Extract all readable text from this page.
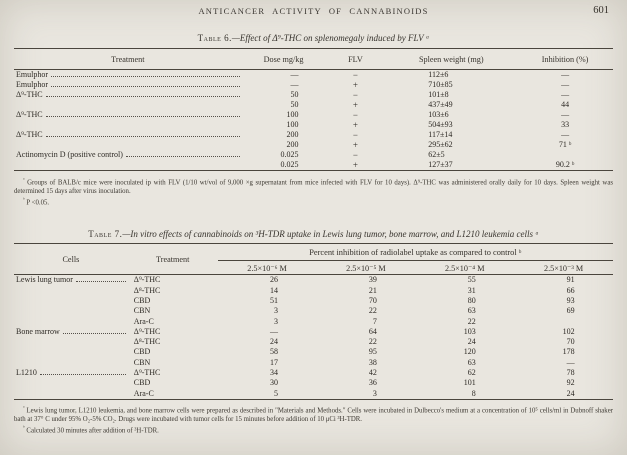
ANTICANCER ACTIVITY OF CANNABINOIDS	601
Table 6.—Effect of Δ⁹-THC on splenomegaly induced by FLV ᵃ
Treatment	Dose mg/kg	FLV	Spleen weight (mg)	Inhibition (%)

Emulphor	—	−	112±6	—

Emulphor	—	+	710±85	—

Δ⁹-THC	50	−	101±8	—
	50	+	437±49	44

Δ⁹-THC	100	−	103±6	—
	100	+	504±93	33

Δ⁹-THC	200	−	117±14	—
	200	+	295±62	71 ᵇ

Actinomycin D (positive control)	0.025	−	62±5	
	0.025	+	127±37	90.2 ᵇ

$^ᵃ$ Groups of BALB/c mice were inoculated ip with FLV (1/10 wt/vol of 9,000 ×g supernatant from mice infected with FLV for 10 days). Δ⁹-THC was administered orally daily for 10 days. Spleen weight was determined 15 days after virus inoculation.

$^ᵇ$ P <0.05.

Table 7.—In vitro effects of cannabinoids on ³H-TDR uptake in Lewis lung tumor, bone marrow, and L1210 leukemia cells ᵃ
Cells	Treatment	Percent inhibition of radiolabel uptake as compared to control ᵇ			
		2.5×10⁻⁶ M	2.5×10⁻⁵ M	2.5×10⁻⁴ M	2.5×10⁻³ M

Lewis lung tumor	Δ⁹-THC	26	39	55	91
	Δ⁸-THC	14	21	31	66
	CBD	51	70	80	93
	CBN	3	22	63	69
	Ara-C	3	7	22	

Bone marrow	Δ⁹-THC	—	64	103	102
	Δ⁸-THC	24	22	24	70
	CBD	58	95	120	178
	CBN	17	38	63	—

L1210	Δ⁹-THC	34	42	62	78
	CBD	30	36	101	92
	Ara-C	5	3	8	24

$^ᵃ$ Lewis lung tumor, L1210 leukemia, and bone marrow cells were prepared as described in "Materials and Methods." Cells were incubated in Dulbecco's medium at a concentration of 10⁵ cells/ml in Dubnoff shaker bath at 37° C under 95% O₂-5% CO₂. Drugs were incubated with tumor cells for 15 minutes before addition of 10 μCi ³H-TDR.

$^ᵇ$ Calculated 30 minutes after addition of ³H-TDR.
